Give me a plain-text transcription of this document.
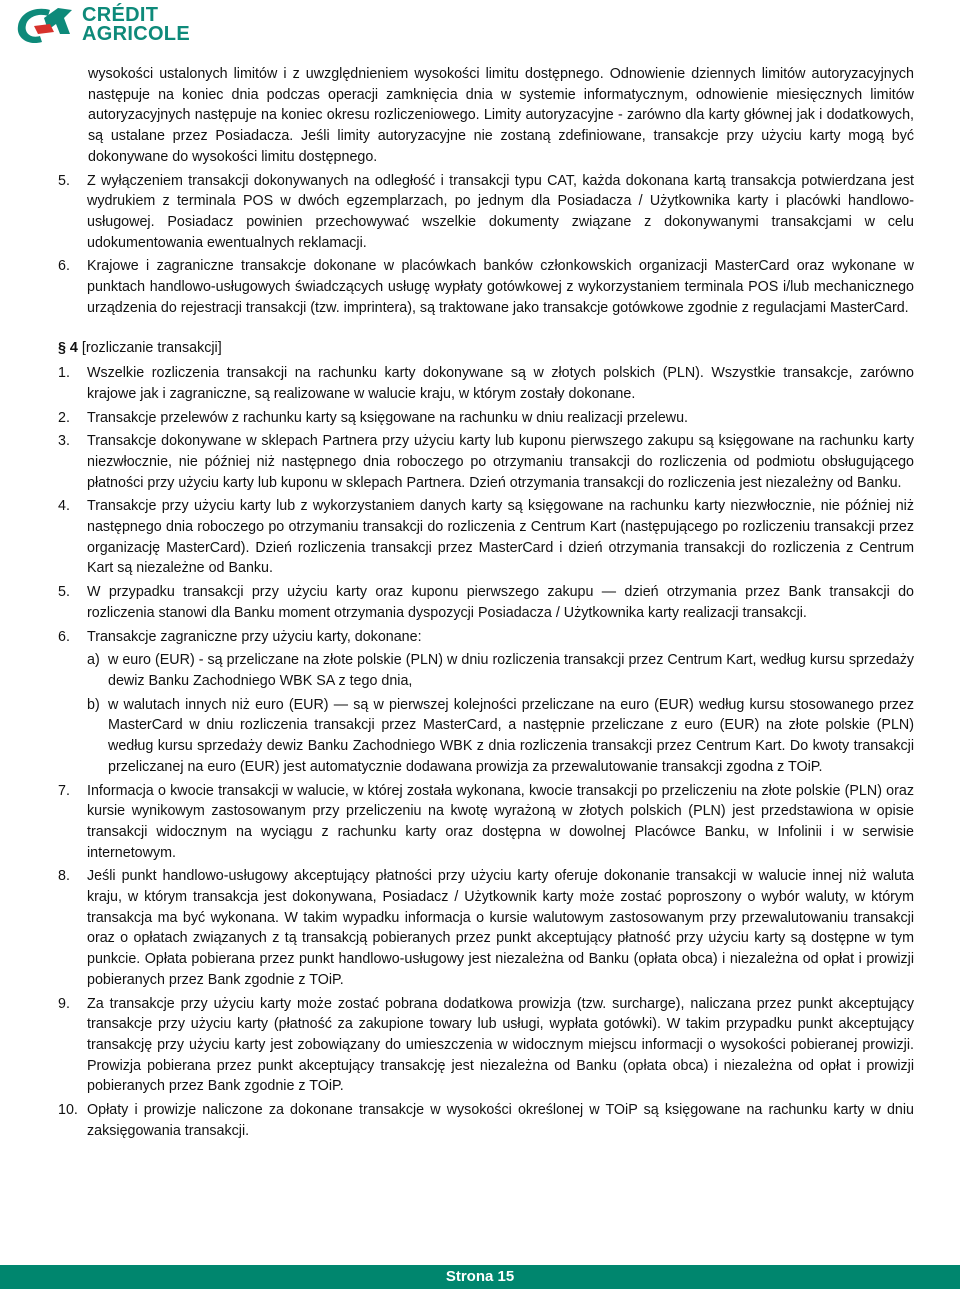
CRÉDIT
AGRICOLE

wysokości ustalonych limitów i z uwzględnieniem wysokości limitu dostępnego. Odnowienie dziennych limitów autoryzacyjnych następuje na koniec dnia podczas operacji zamknięcia dnia w systemie informatycznym, odnowienie miesięcznych limitów autoryzacyjnych następuje na koniec okresu rozliczeniowego. Limity autoryzacyjne - zarówno dla karty głównej jak i dodatkowych, są ustalane przez Posiadacza. Jeśli limity autoryzacyjne nie zostaną zdefiniowane, transakcje przy użyciu karty mogą być dokonywane do wysokości limitu dostępnego.

5.	Z wyłączeniem transakcji dokonywanych na odległość i transakcji typu CAT, każda dokonana kartą transakcja potwierdzana jest wydrukiem z terminala POS w dwóch egzemplarzach, po jednym dla Posiadacza / Użytkownika karty i placówki handlowo-usługowej. Posiadacz powinien przechowywać wszelkie dokumenty związane z dokonywanymi transakcjami w celu udokumentowania ewentualnych reklamacji.
6.	Krajowe i zagraniczne transakcje dokonane w placówkach banków członkowskich organizacji MasterCard oraz wykonane w punktach handlowo-usługowych świadczących usługę wypłaty gotówkowej z wykorzystaniem terminala POS i/lub mechanicznego urządzenia do rejestracji transakcji (tzw. imprintera), są traktowane jako transakcje gotówkowe zgodnie z regulacjami MasterCard.
§ 4 [rozliczanie transakcji]
1.	Wszelkie rozliczenia transakcji na rachunku karty dokonywane są w złotych polskich (PLN). Wszystkie transakcje, zarówno krajowe jak i zagraniczne, są realizowane w walucie kraju, w którym zostały dokonane.
2.	Transakcje przelewów z rachunku karty są księgowane na rachunku w dniu realizacji przelewu.
3.	Transakcje dokonywane w sklepach Partnera przy użyciu karty lub kuponu pierwszego zakupu są księgowane na rachunku karty niezwłocznie, nie później niż następnego dnia roboczego po otrzymaniu transakcji do rozliczenia od podmiotu obsługującego płatności przy użyciu karty lub kuponu w sklepach Partnera. Dzień otrzymania transakcji do rozliczenia jest niezależny od Banku.
4.	Transakcje przy użyciu karty lub z wykorzystaniem danych karty są księgowane na rachunku karty niezwłocznie, nie później niż następnego dnia roboczego po otrzymaniu transakcji do rozliczenia z Centrum Kart (następującego po rozliczeniu transakcji przez organizację MasterCard). Dzień rozliczenia transakcji przez MasterCard i dzień otrzymania transakcji do rozliczenia z Centrum Kart są niezależne od Banku.
5.	W przypadku transakcji przy użyciu karty oraz kuponu pierwszego zakupu — dzień otrzymania przez Bank transakcji do rozliczenia stanowi dla Banku moment otrzymania dyspozycji Posiadacza / Użytkownika karty realizacji transakcji.
6.	Transakcje zagraniczne przy użyciu karty, dokonane:
a) w euro (EUR) - są przeliczane na złote polskie (PLN) w dniu rozliczenia transakcji przez Centrum Kart, według kursu sprzedaży dewiz Banku Zachodniego WBK SA z tego dnia,
b) w walutach innych niż euro (EUR) — są w pierwszej kolejności przeliczane na euro (EUR) według kursu stosowanego przez MasterCard w dniu rozliczenia transakcji przez MasterCard, a następnie przeliczane z euro (EUR) na złote polskie (PLN) według kursu sprzedaży dewiz Banku Zachodniego WBK z dnia rozliczenia transakcji przez Centrum Kart. Do kwoty transakcji przeliczanej na euro (EUR) jest automatycznie dodawana prowizja za przewalutowanie transakcji zgodna z TOiP.
7.	Informacja o kwocie transakcji w walucie, w której została wykonana, kwocie transakcji po przeliczeniu na złote polskie (PLN) oraz kursie wynikowym zastosowanym przy przeliczeniu na kwotę wyrażoną w złotych polskich (PLN) jest przedstawiona w opisie transakcji widocznym na wyciągu z rachunku karty oraz dostępna w dowolnej Placówce Banku, w Infolinii i w serwisie internetowym.
8.	Jeśli punkt handlowo-usługowy akceptujący płatności przy użyciu karty oferuje dokonanie transakcji w walucie innej niż waluta kraju, w którym transakcja jest dokonywana, Posiadacz / Użytkownik karty może zostać poproszony o wybór waluty, w którym transakcja ma być wykonana. W takim wypadku informacja o kursie walutowym zastosowanym przy przewalutowaniu transakcji oraz o opłatach związanych z tą transakcją pobieranych przez punkt akceptujący płatność przy użyciu karty są dostępne w tym punkcie. Opłata pobierana przez punkt handlowo-usługowy jest niezależna od Banku (opłata obca) i niezależna od opłat i prowizji pobieranych przez Bank zgodnie z TOiP.
9.	Za transakcje przy użyciu karty może zostać pobrana dodatkowa prowizja (tzw. surcharge), naliczana przez punkt akceptujący transakcje przy użyciu karty (płatność za zakupione towary lub usługi, wypłata gotówki). W takim przypadku punkt akceptujący transakcję przy użyciu karty jest zobowiązany do umieszczenia w widocznym miejscu informacji o wysokości pobieranej prowizji. Prowizja pobierana przez punkt akceptujący transakcję jest niezależna od Banku (opłata obca) i niezależna od opłat i prowizji pobieranych przez Bank zgodnie z TOiP.
10. Opłaty i prowizje naliczone za dokonane transakcje w wysokości określonej w TOiP są księgowane na rachunku karty w dniu zaksięgowania transakcji.
Strona 15
